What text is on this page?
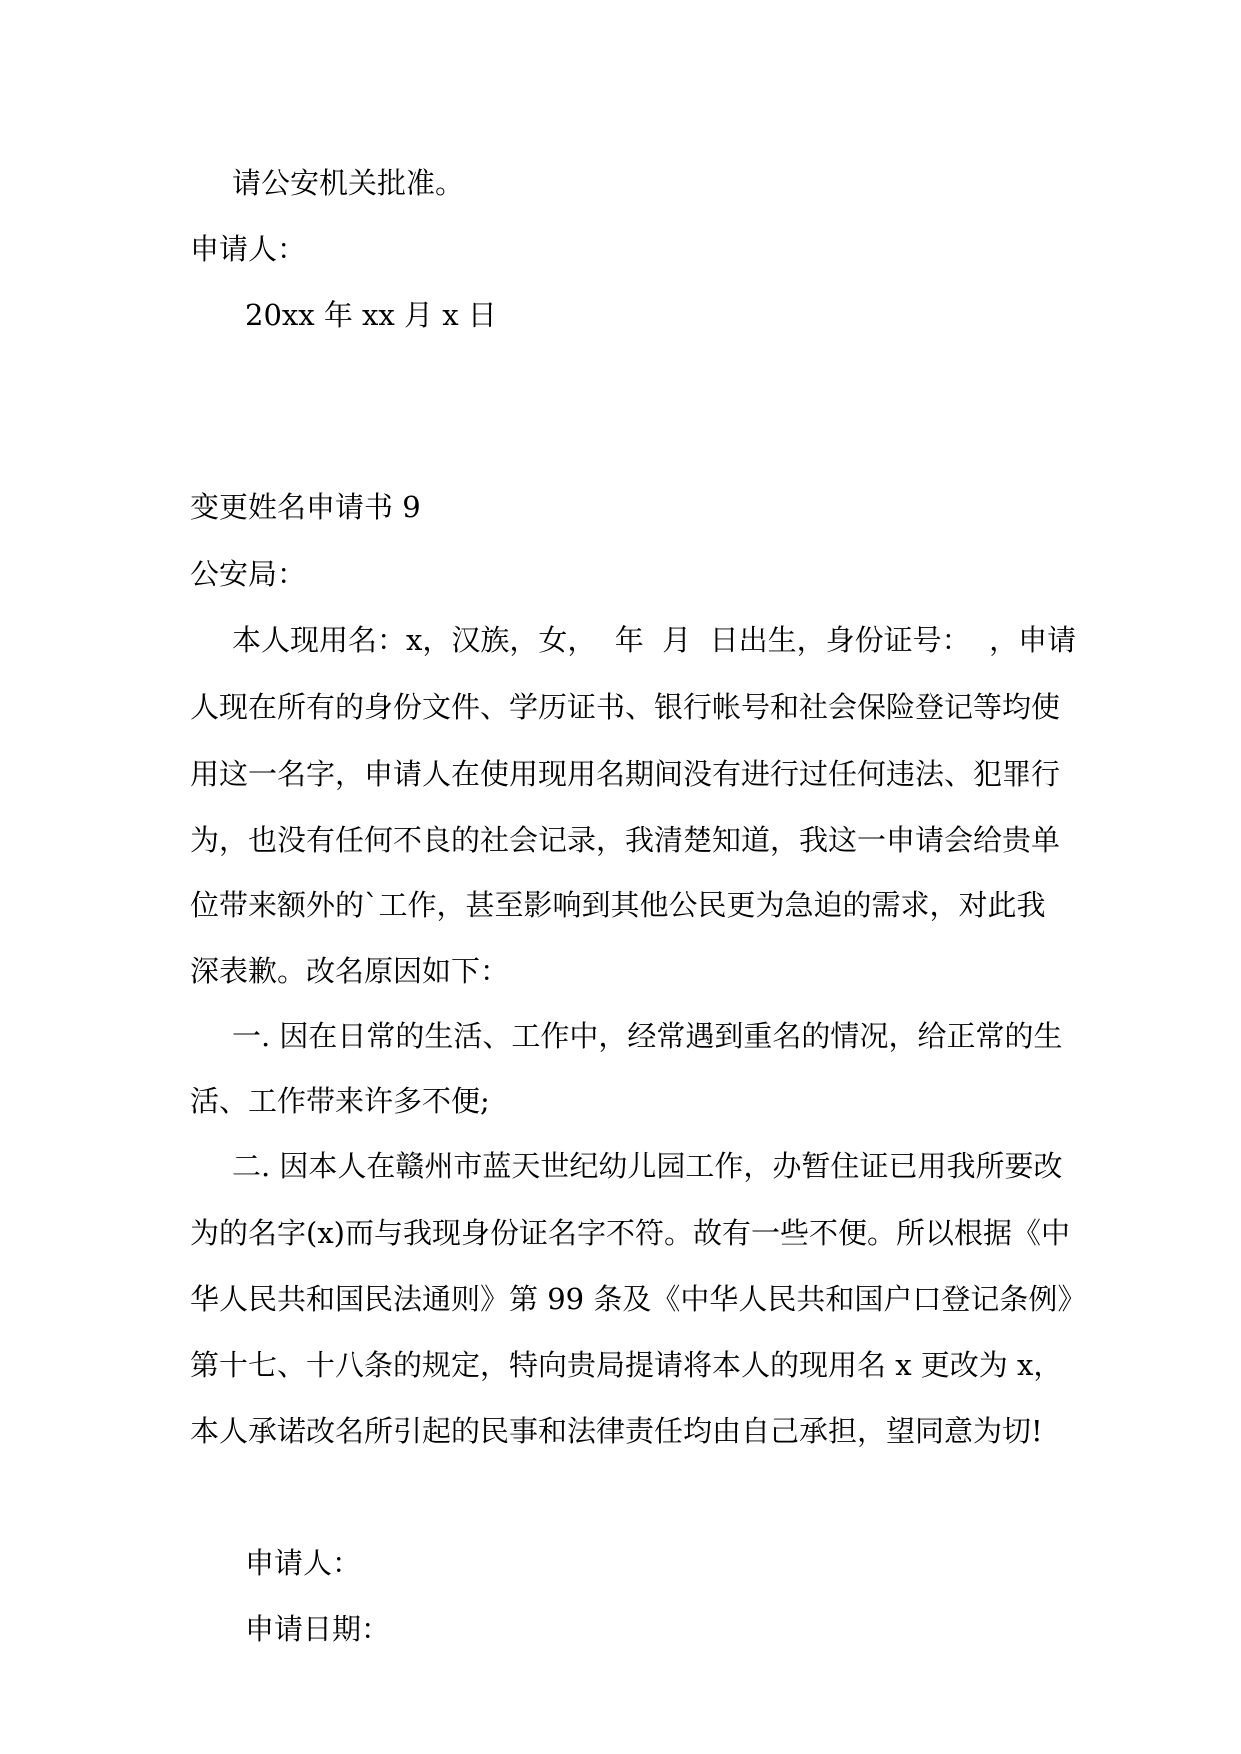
请公安机关批准。
申请人：
20xx 年 xx 月 x 日
变更姓名申请书 9
公安局：
本人现用名：x，汉族，女，  年  月  日出生，身份证号：  ，申请
人现在所有的身份文件、学历证书、银行帐号和社会保险登记等均使
用这一名字，申请人在使用现用名期间没有进行过任何违法、犯罪行
为，也没有任何不良的社会记录，我清楚知道，我这一申请会给贵单
位带来额外的`工作，甚至影响到其他公民更为急迫的需求，对此我
深表歉。改名原因如下：
一. 因在日常的生活、工作中，经常遇到重名的情况，给正常的生
活、工作带来许多不便;
二. 因本人在赣州市蓝天世纪幼儿园工作，办暂住证已用我所要改
为的名字(x)而与我现身份证名字不符。故有一些不便。所以根据《中
华人民共和国民法通则》第 99 条及《中华人民共和国户口登记条例》
第十七、十八条的规定，特向贵局提请将本人的现用名 x 更改为 x，
本人承诺改名所引起的民事和法律责任均由自己承担，望同意为切!
申请人：
申请日期：
